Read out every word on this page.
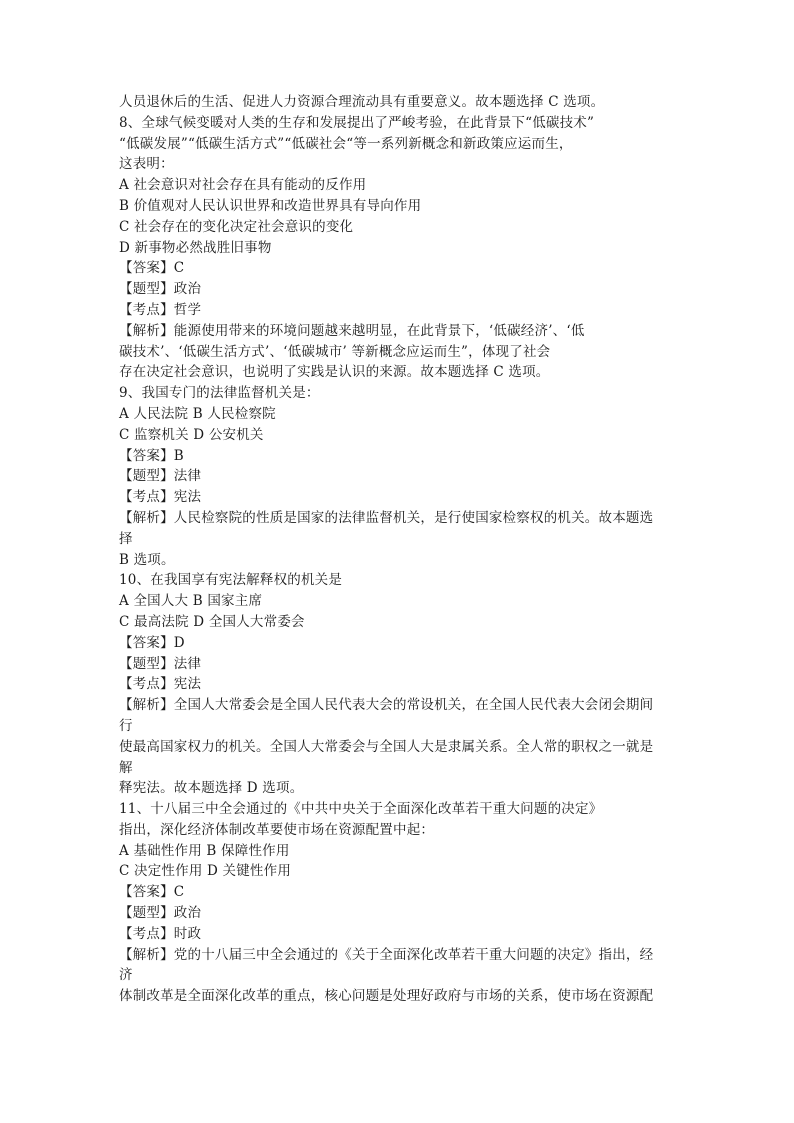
人员退休后的生活、促进人力资源合理流动具有重要意义。故本题选择 C 选项。
8、全球气候变暖对人类的生存和发展提出了严峻考验，在此背景下“低碳技术”
“低碳发展”“低碳生活方式”“低碳社会“等一系列新概念和新政策应运而生，
这表明：
A 社会意识对社会存在具有能动的反作用
B 价值观对人民认识世界和改造世界具有导向作用
C 社会存在的变化决定社会意识的变化
D 新事物必然战胜旧事物
【答案】C
【题型】政治
【考点】哲学
【解析】能源使用带来的环境问题越来越明显，在此背景下，‘低碳经济’、‘低
碳技术’、‘低碳生活方式’、‘低碳城市’ 等新概念应运而生”，体现了社会
存在决定社会意识，也说明了实践是认识的来源。故本题选择 C 选项。
9、我国专门的法律监督机关是：
A 人民法院 B 人民检察院
C 监察机关 D 公安机关
【答案】B
【题型】法律
【考点】宪法
【解析】人民检察院的性质是国家的法律监督机关，是行使国家检察权的机关。故本题选
择
B 选项。
10、在我国享有宪法解释权的机关是
A 全国人大 B 国家主席
C 最高法院 D 全国人大常委会
【答案】D
【题型】法律
【考点】宪法
【解析】全国人大常委会是全国人民代表大会的常设机关，在全国人民代表大会闭会期间
行
使最高国家权力的机关。全国人大常委会与全国人大是隶属关系。全人常的职权之一就是
解
释宪法。故本题选择 D 选项。
11、十八届三中全会通过的《中共中央关于全面深化改革若干重大问题的决定》
指出，深化经济体制改革要使市场在资源配置中起：
A 基础性作用 B 保障性作用
C 决定性作用 D 关键性作用
【答案】C
【题型】政治
【考点】时政
【解析】党的十八届三中全会通过的《关于全面深化改革若干重大问题的决定》指出，经
济
体制改革是全面深化改革的重点，核心问题是处理好政府与市场的关系，使市场在资源配
